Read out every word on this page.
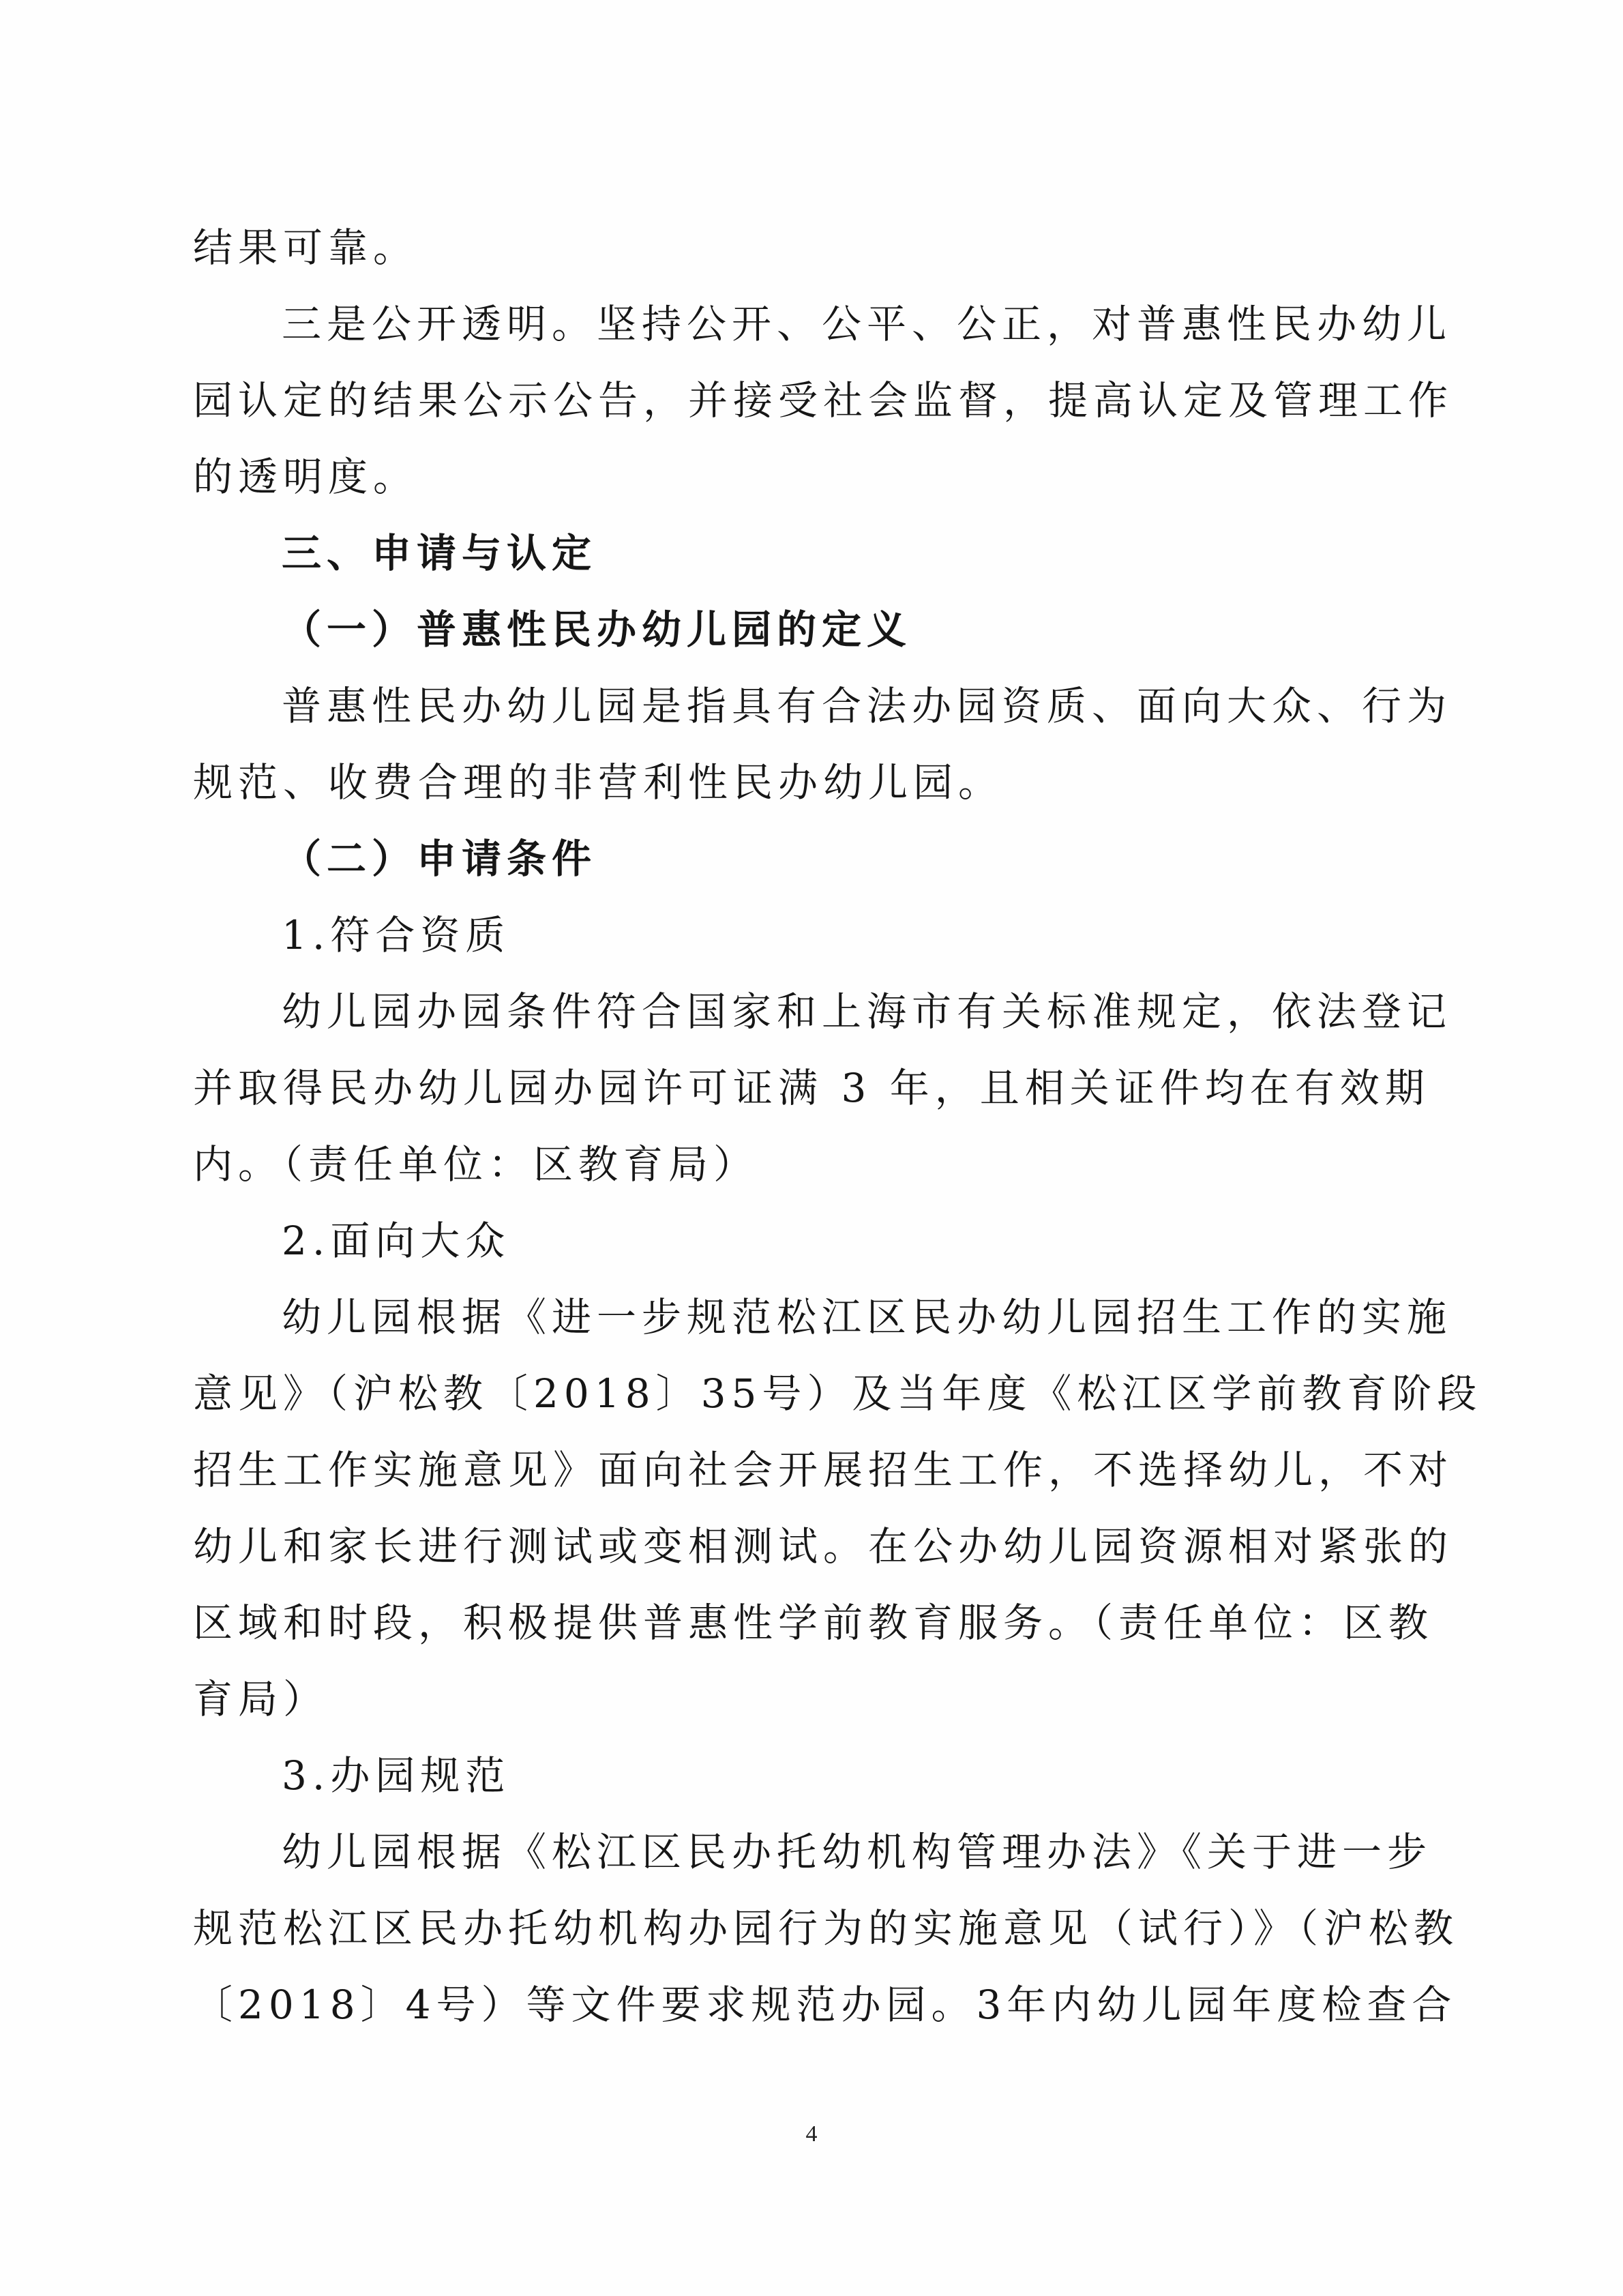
结果可靠。
三是公开透明。坚持公开、公平、公正，对普惠性民办幼儿
园认定的结果公示公告，并接受社会监督，提高认定及管理工作
的透明度。
三、申请与认定
（一）普惠性民办幼儿园的定义
普惠性民办幼儿园是指具有合法办园资质、面向大众、行为
规范、收费合理的非营利性民办幼儿园。
（二）申请条件
1.符合资质
幼儿园办园条件符合国家和上海市有关标准规定，依法登记
并取得民办幼儿园办园许可证满 3 年，且相关证件均在有效期
内。（责任单位：区教育局）
2.面向大众
幼儿园根据《进一步规范松江区民办幼儿园招生工作的实施
意见》（沪松教〔2018〕35号）及当年度《松江区学前教育阶段
招生工作实施意见》面向社会开展招生工作，不选择幼儿，不对
幼儿和家长进行测试或变相测试。在公办幼儿园资源相对紧张的
区域和时段，积极提供普惠性学前教育服务。（责任单位：区教
育局）
3.办园规范
幼儿园根据《松江区民办托幼机构管理办法》《关于进一步
规范松江区民办托幼机构办园行为的实施意见（试行）》（沪松教
〔2018〕4号）等文件要求规范办园。3年内幼儿园年度检查合
4
